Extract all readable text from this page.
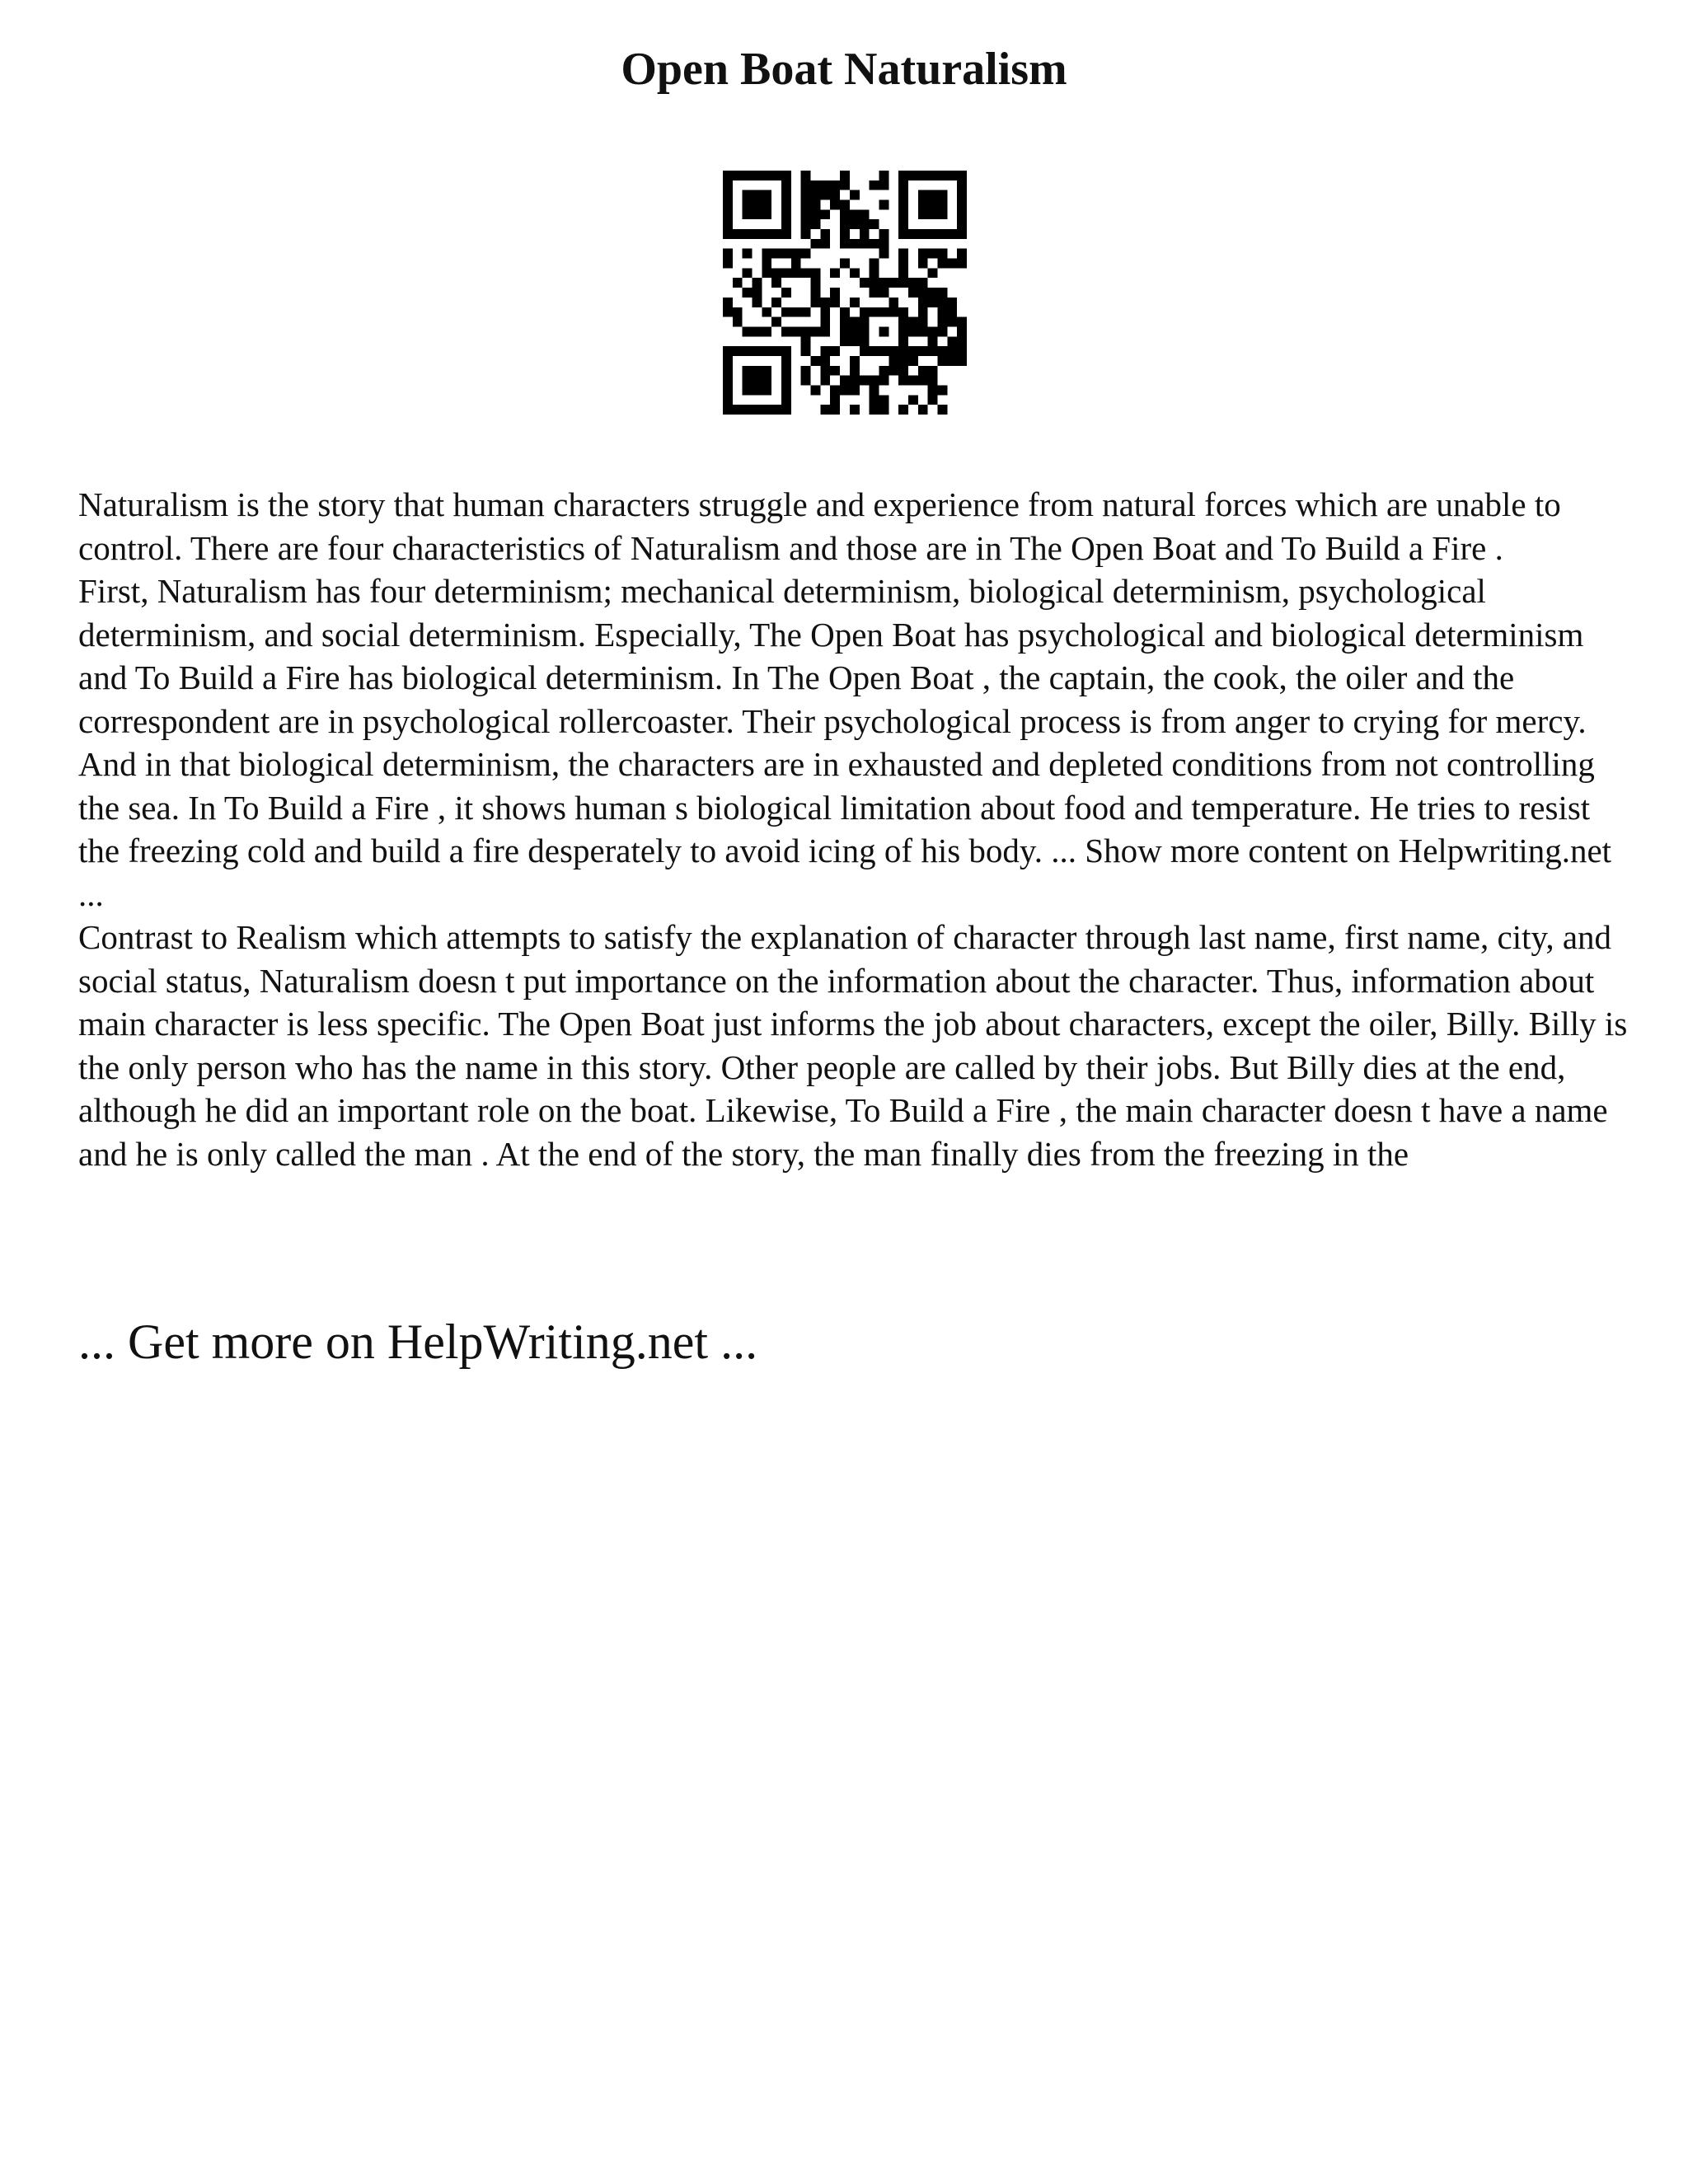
Open Boat Naturalism

Naturalism is the story that human characters struggle and experience from natural forces which are unable to control. There are four characteristics of Naturalism and those are in The Open Boat and To Build a Fire .

First, Naturalism has four determinism; mechanical determinism, biological determinism, psychological determinism, and social determinism. Especially, The Open Boat has psychological and biological determinism and To Build a Fire has biological determinism. In The Open Boat , the captain, the cook, the oiler and the correspondent are in psychological rollercoaster. Their psychological process is from anger to crying for mercy. And in that biological determinism, the characters are in exhausted and depleted conditions from not controlling the sea. In To Build a Fire , it shows human s biological limitation about food and temperature. He tries to resist the freezing cold and build a fire desperately to avoid icing of his body. ... Show more content on Helpwriting.net ...

Contrast to Realism which attempts to satisfy the explanation of character through last name, first name, city, and social status, Naturalism doesn t put importance on the information about the character. Thus, information about main character is less specific. The Open Boat just informs the job about characters, except the oiler, Billy. Billy is the only person who has the name in this story. Other people are called by their jobs. But Billy dies at the end, although he did an important role on the boat. Likewise, To Build a Fire , the main character doesn t have a name and he is only called the man . At the end of the story, the man finally dies from the freezing in the

... Get more on HelpWriting.net ...
